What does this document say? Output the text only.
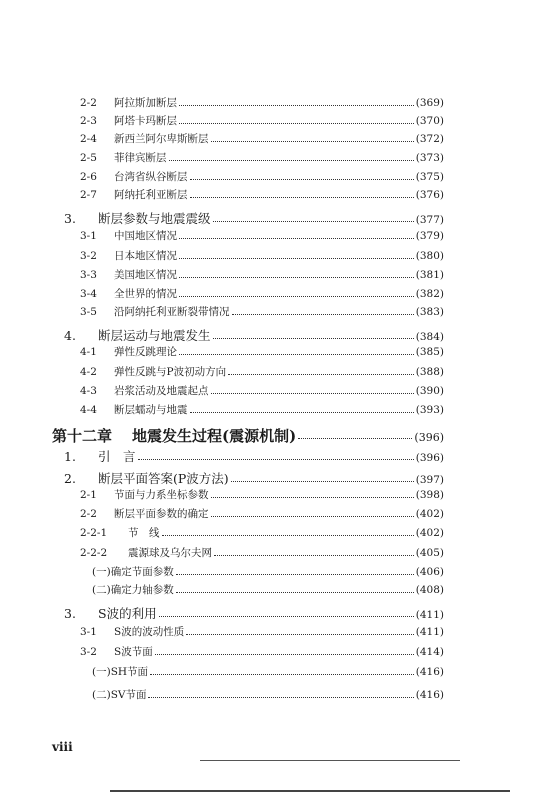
2-2	阿拉斯加断层	(369)
2-3	阿塔卡玛断层	(370)
2-4	新西兰阿尔卑斯断层	(372)
2-5	菲律宾断层	(373)
2-6	台湾省纵谷断层	(375)
2-7	阿纳托利亚断层	(376)
3.	断层参数与地震震级	(377)
3-1	中国地区情况	(379)
3-2	日本地区情况	(380)
3-3	美国地区情况	(381)
3-4	全世界的情况	(382)
3-5	沿阿纳托利亚断裂带情况	(383)
4.	断层运动与地震发生	(384)
4-1	弹性反跳理论	(385)
4-2	弹性反跳与P波初动方向	(388)
4-3	岩浆活动及地震起点	(390)
4-4	断层蠕动与地震	(393)
第十二章	地震发生过程(震源机制)	(396)
1.	引　言	(396)
2.	断层平面答案(P波方法)	(397)
2-1	节面与力系坐标参数	(398)
2-2	断层平面参数的确定	(402)
2-2-1	节　线	(402)
2-2-2	震源球及乌尔夫网	(405)
(一)确定节面参数	(406)
(二)确定力轴参数	(408)
3.	S波的利用	(411)
3-1	S波的波动性质	(411)
3-2	S波节面	(414)
(一)SH节面	(416)
(二)SV节面	(416)
viii
